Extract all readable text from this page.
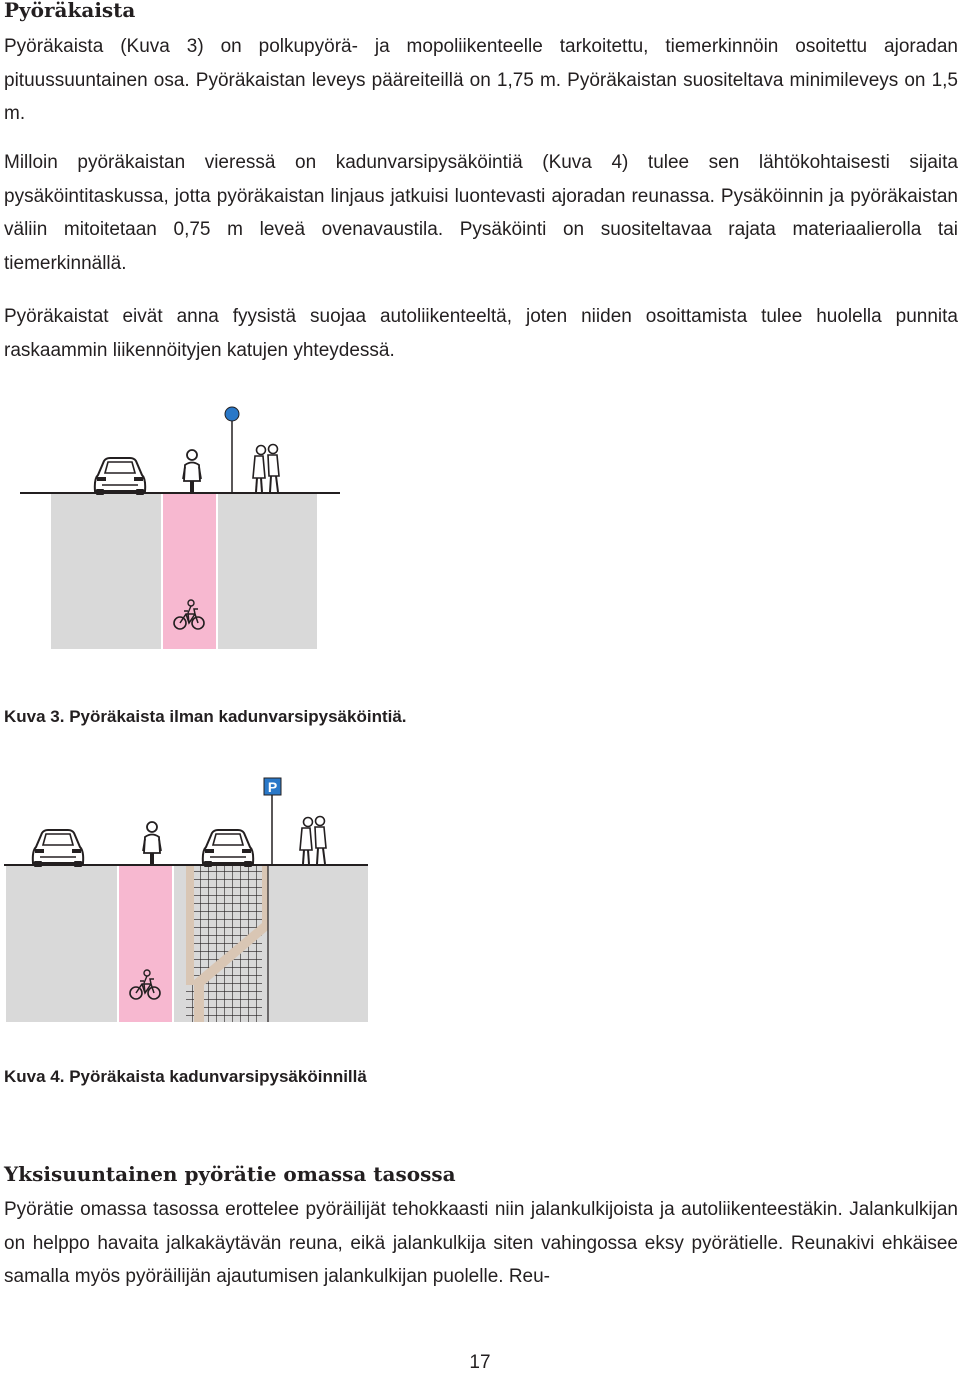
Pyöräkaista

Pyöräkaista (Kuva 3) on polkupyörä- ja mopoliikenteelle tarkoitettu, tiemerkinnöin osoitettu ajoradan pituussuuntainen osa. Pyöräkaistan leveys pääreiteillä on 1,75 m. Pyöräkaistan suositeltava minimileveys on 1,5 m.

Milloin pyöräkaistan vieressä on kadunvarsipysäköintiä (Kuva 4) tulee sen lähtökohtaisesti sijaita pysäköintitaskussa, jotta pyöräkaistan linjaus jatkuisi luontevasti ajoradan reunassa. Pysäköinnin ja pyöräkaistan väliin mitoitetaan 0,75 m leveä ovenavaustila. Pysäköinti on suositeltavaa rajata materiaalierolla tai tiemerkinnällä.

Pyöräkaistat eivät anna fyysistä suojaa autoliikenteeltä, joten niiden osoittamista tulee huolella punnita raskaammin liikennöityjen katujen yhteydessä.

Kuva 3. Pyöräkaista ilman kadunvarsipysäköintiä.

P

Kuva 4. Pyöräkaista kadunvarsipysäköinnillä

Yksisuuntainen pyörätie omassa tasossa

Pyörätie omassa tasossa erottelee pyöräilijät tehokkaasti niin jalankulkijoista ja autoliikenteestäkin. Jalankulkijan on helppo havaita jalkakäytävän reuna, eikä jalankulkija siten vahingossa eksy pyörätielle. Reunakivi ehkäisee samalla myös pyöräilijän ajautumisen jalankulkijan puolelle. Reu-

17
